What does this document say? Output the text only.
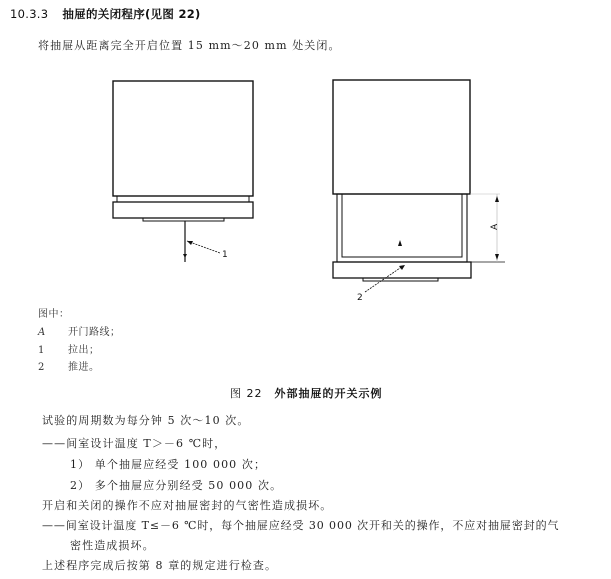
10.3.3 抽屉的关闭程序(见图 22)
将抽屉从距离完全开启位置 15 mm～20 mm 处关闭。
1
A
2
图中：
A 开门路线；
1 拉出；
2 推进。
图 22 外部抽屉的开关示例
试验的周期数为每分钟 5 次～10 次。
——间室设计温度 T＞－6 ℃时，
1） 单个抽屉应经受 100 000 次；
2） 多个抽屉应分别经受 50 000 次。
开启和关闭的操作不应对抽屉密封的气密性造成损坏。
——间室设计温度 T≤－6 ℃时，每个抽屉应经受 30 000 次开和关的操作，不应对抽屉密封的气
密性造成损坏。
上述程序完成后按第 8 章的规定进行检查。
